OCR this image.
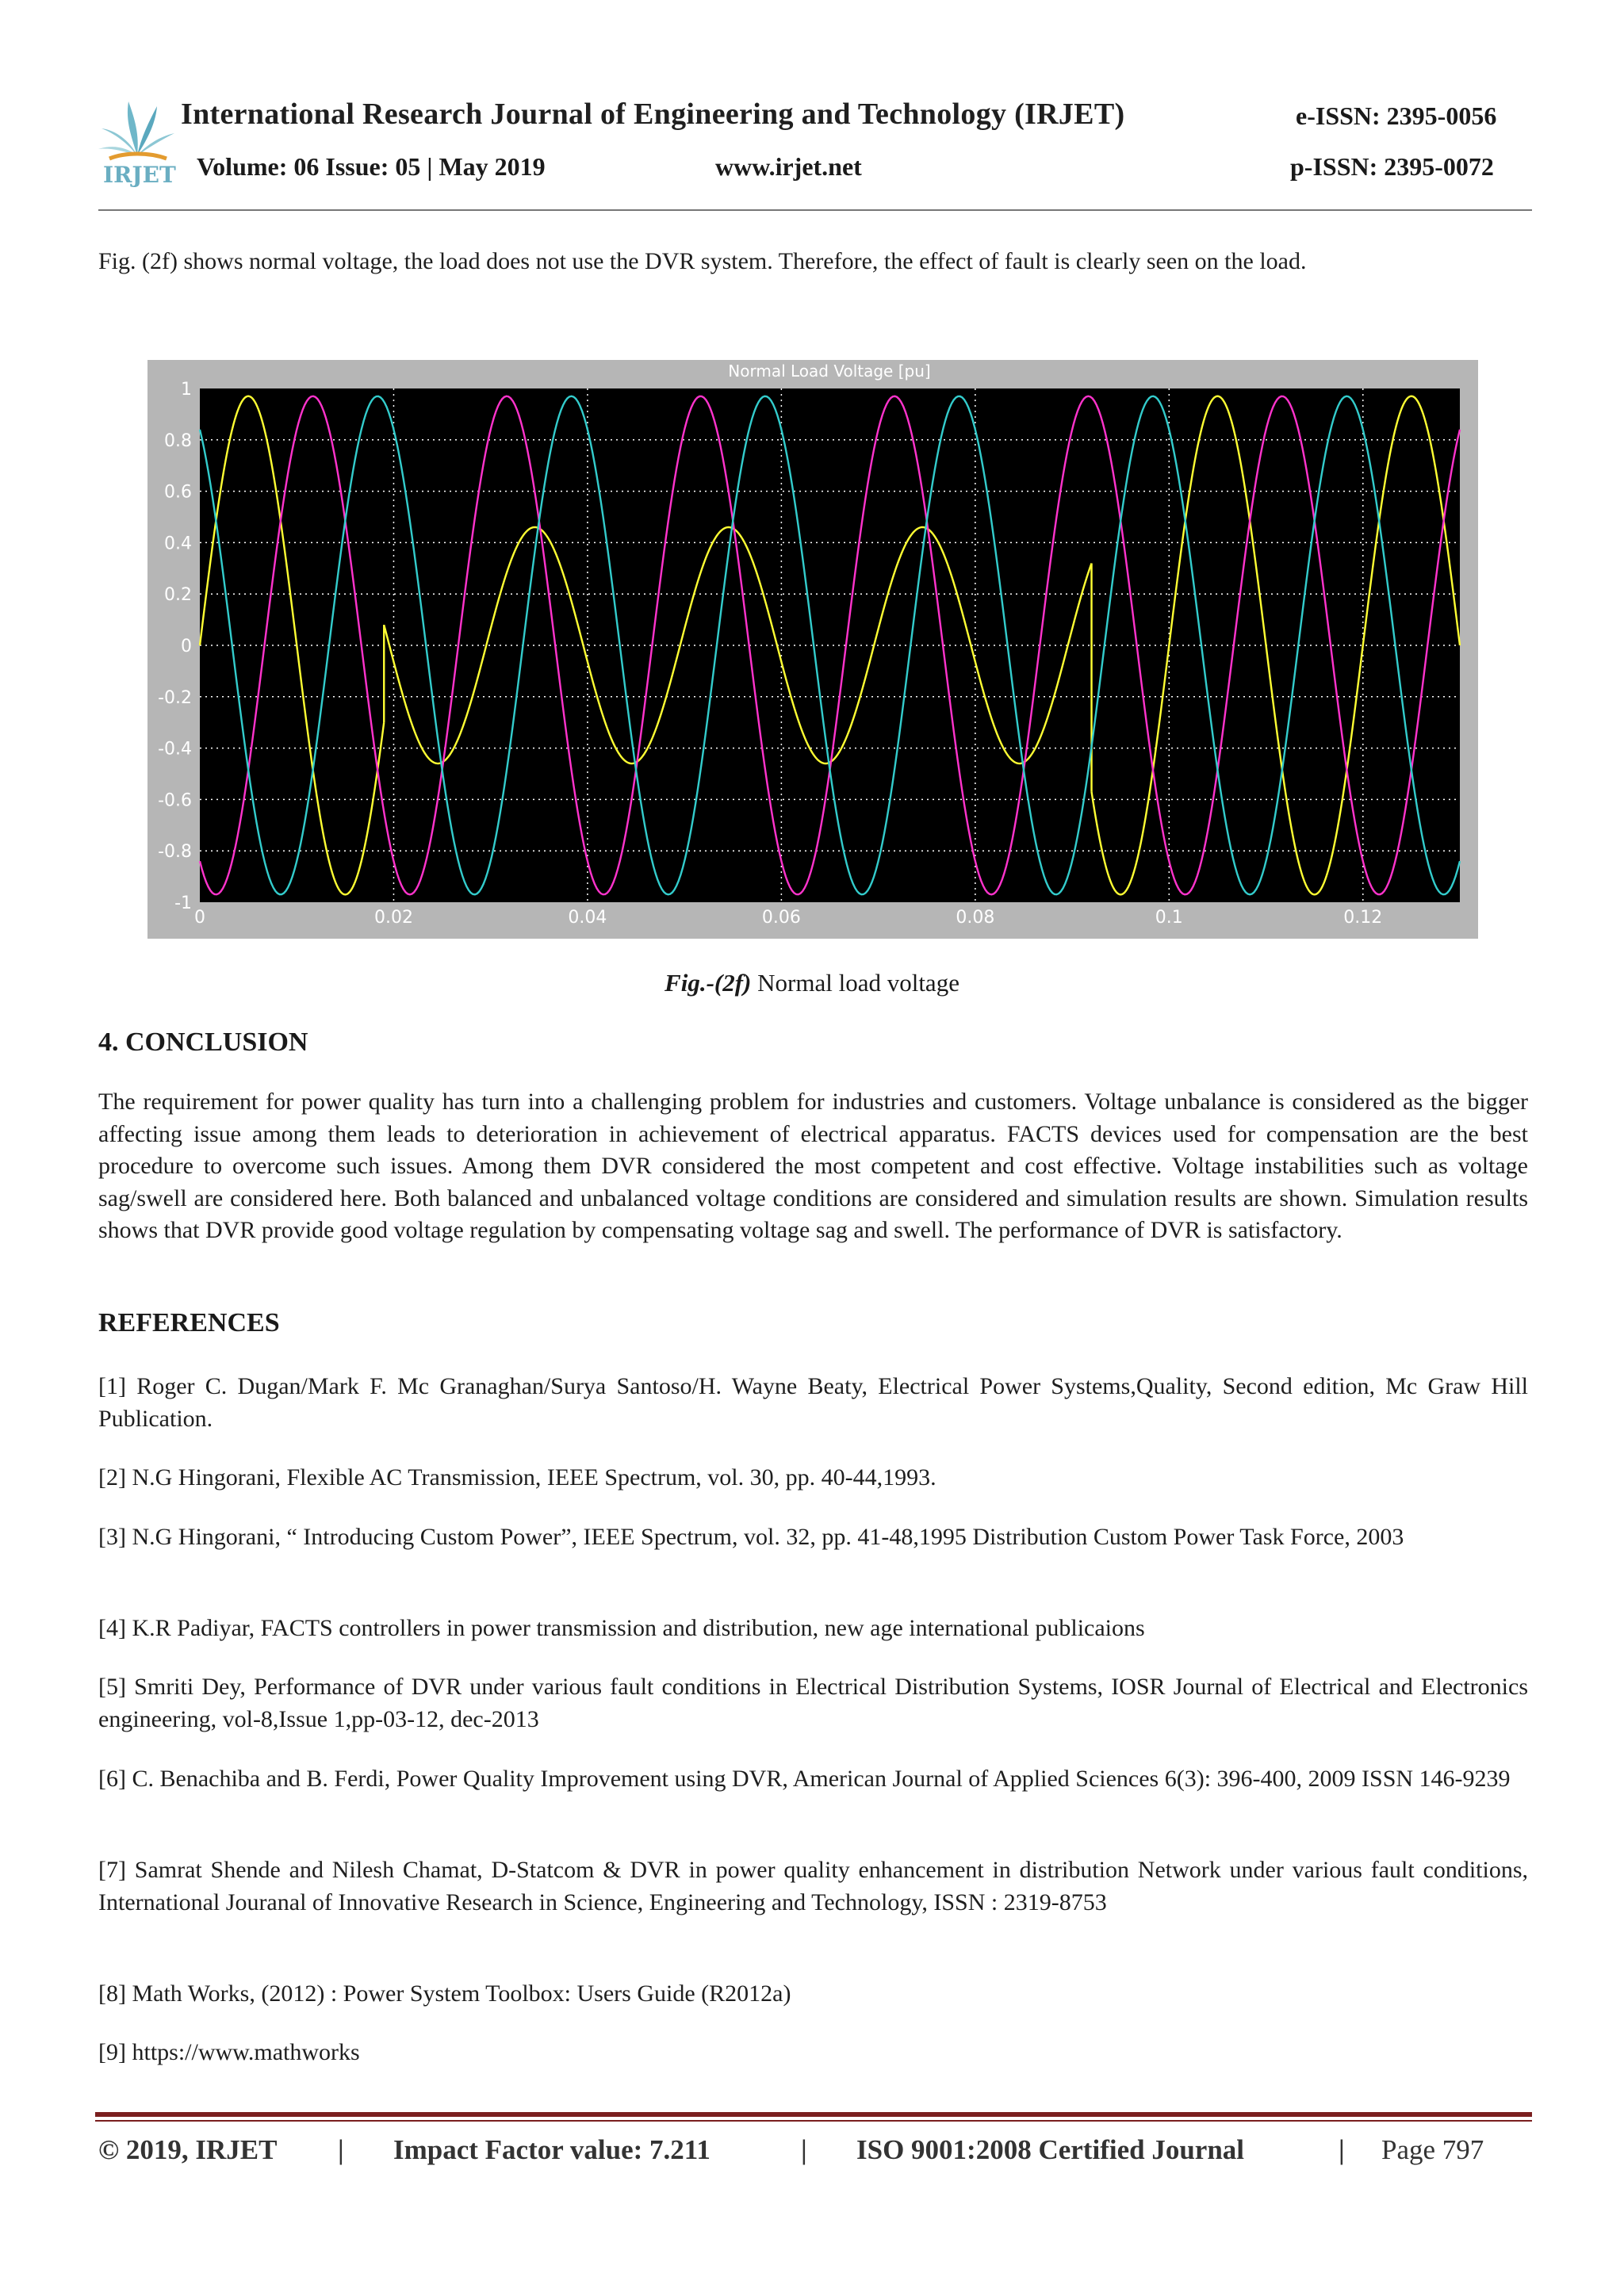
IRJET
International Research Journal of Engineering and Technology (IRJET)	e-ISSN: 2395-0056
Volume: 06 Issue: 05 | May 2019	www.irjet.net	p-ISSN: 2395-0072
Fig. (2f) shows normal voltage, the load does not use the DVR system. Therefore, the effect of fault is clearly seen on the load.
Normal Load Voltage [pu]
0	0.02	0.04	0.06	0.08	0.1	0.12
1
0.8
0.6
0.4
0.2
0
-0.2
-0.4
-0.6
-0.8
-1
Fig.-(2f) Normal load voltage
4. CONCLUSION
The requirement for power quality has turn into a challenging problem for industries and customers. Voltage unbalance is considered as the bigger affecting issue among them leads to deterioration in achievement of electrical apparatus. FACTS devices used for compensation are the best procedure to overcome such issues. Among them DVR considered the most competent and cost effective. Voltage instabilities such as voltage sag/swell are considered here. Both balanced and unbalanced voltage conditions are considered and simulation results are shown. Simulation results shows that DVR provide good voltage regulation by compensating voltage sag and swell. The performance of DVR is satisfactory.
REFERENCES
[1] Roger C. Dugan/Mark F. Mc Granaghan/Surya Santoso/H. Wayne Beaty, Electrical Power Systems,Quality, Second edition, Mc Graw Hill Publication.
[2] N.G Hingorani, Flexible AC Transmission, IEEE Spectrum, vol. 30, pp. 40-44,1993.
[3] N.G Hingorani, “ Introducing Custom Power”, IEEE Spectrum, vol. 32, pp. 41-48,1995 Distribution Custom Power Task Force, 2003
[4] K.R Padiyar, FACTS controllers in power transmission and distribution, new age international publicaions
[5] Smriti Dey, Performance of DVR under various fault conditions in Electrical Distribution Systems, IOSR Journal of Electrical and Electronics engineering, vol-8,Issue 1,pp-03-12, dec-2013
[6] C. Benachiba and B. Ferdi, Power Quality Improvement using DVR, American Journal of Applied Sciences 6(3): 396-400, 2009 ISSN 146-9239
[7] Samrat Shende and Nilesh Chamat, D-Statcom & DVR in power quality enhancement in distribution Network under various fault conditions, International Jouranal of Innovative Research in Science, Engineering and Technology, ISSN : 2319-8753
[8] Math Works, (2012) : Power System Toolbox: Users Guide (R2012a)
[9] https://www.mathworks
© 2019, IRJET | Impact Factor value: 7.211	| ISO 9001:2008 Certified Journal	| Page 797
